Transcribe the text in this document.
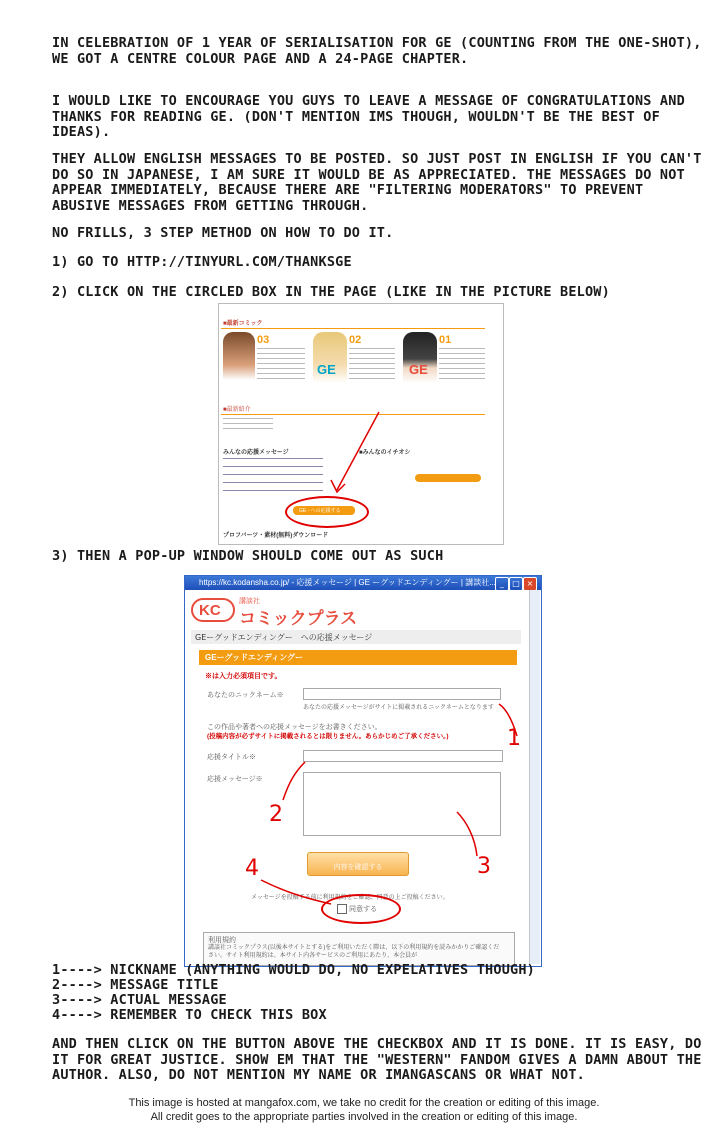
IN CELEBRATION OF 1 YEAR OF SERIALISATION FOR GE (COUNTING FROM THE ONE-SHOT), WE GOT A CENTRE COLOUR PAGE AND A 24-PAGE CHAPTER.
I WOULD LIKE TO ENCOURAGE YOU GUYS TO LEAVE A MESSAGE OF CONGRATULATIONS AND THANKS FOR READING GE. (DON'T MENTION IMS THOUGH, WOULDN'T BE THE BEST OF IDEAS).
THEY ALLOW ENGLISH MESSAGES TO BE POSTED. SO JUST POST IN ENGLISH IF YOU CAN'T DO SO IN JAPANESE, I AM SURE IT WOULD BE AS APPRECIATED. THE MESSAGES DO NOT APPEAR IMMEDIATELY, BECAUSE THERE ARE "FILTERING MODERATORS" TO PREVENT ABUSIVE MESSAGES FROM GETTING THROUGH.
NO FRILLS, 3 STEP METHOD ON HOW TO DO IT.
1) GO TO HTTP://TINYURL.COM/THANKSGE
2) CLICK ON THE CIRCLED BOX IN THE PAGE (LIKE IN THE PICTURE BELOW)
■最新コミック
03
GE
02
GE
01
■最新紹介
みんなの応援メッセージ	■みんなのイチオシ
GE - への応援する
プロフバーツ・素材(無料)ダウンロード
3) THEN A POP-UP WINDOW SHOULD COME OUT AS SUCH
https://kc.kodansha.co.jp/ - 応援メッセージ | GE ーグッドエンディングー | 講談社... _	□ ×
KC
講談社
コミックプラス
GEーグッドエンディングー　への応援メッセージ
GEーグッドエンディングー
※は入力必須項目です。
あなたのニックネーム※
あなたの応援メッセージがサイトに掲載されるニックネームとなります
この作品や著者への応援メッセージをお書きください。
(投稿内容が必ずサイトに掲載されるとは限りません。あらかじめご了承ください。)
応援タイトル※
応援メッセージ※
内容を確認する
メッセージを投稿する前に利用規約をご確認、同意の上ご投稿ください。
同意する
利用規約
講談社コミックプラス(以後本サイトとする)をご利用いただく際は、以下の利用規約を読みかかりご確認ください。サイト利用規約は、本サイト内各サービスのご利用にあたり、本会員が
1
2
3
4
1----> NICKNAME (ANYTHING WOULD DO, NO EXPELATIVES THOUGH)
2----> MESSAGE TITLE
3----> ACTUAL MESSAGE
4----> REMEMBER TO CHECK THIS BOX
AND THEN CLICK ON THE BUTTON ABOVE THE CHECKBOX AND IT IS DONE. IT IS EASY, DO IT FOR GREAT JUSTICE. SHOW EM THAT THE "WESTERN" FANDOM GIVES A DAMN ABOUT THE AUTHOR. ALSO, DO NOT MENTION MY NAME OR IMANGASCANS OR WHAT NOT.
This image is hosted at mangafox.com, we take no credit for the creation or editing of this image.
All credit goes to the appropriate parties involved in the creation or editing of this image.
